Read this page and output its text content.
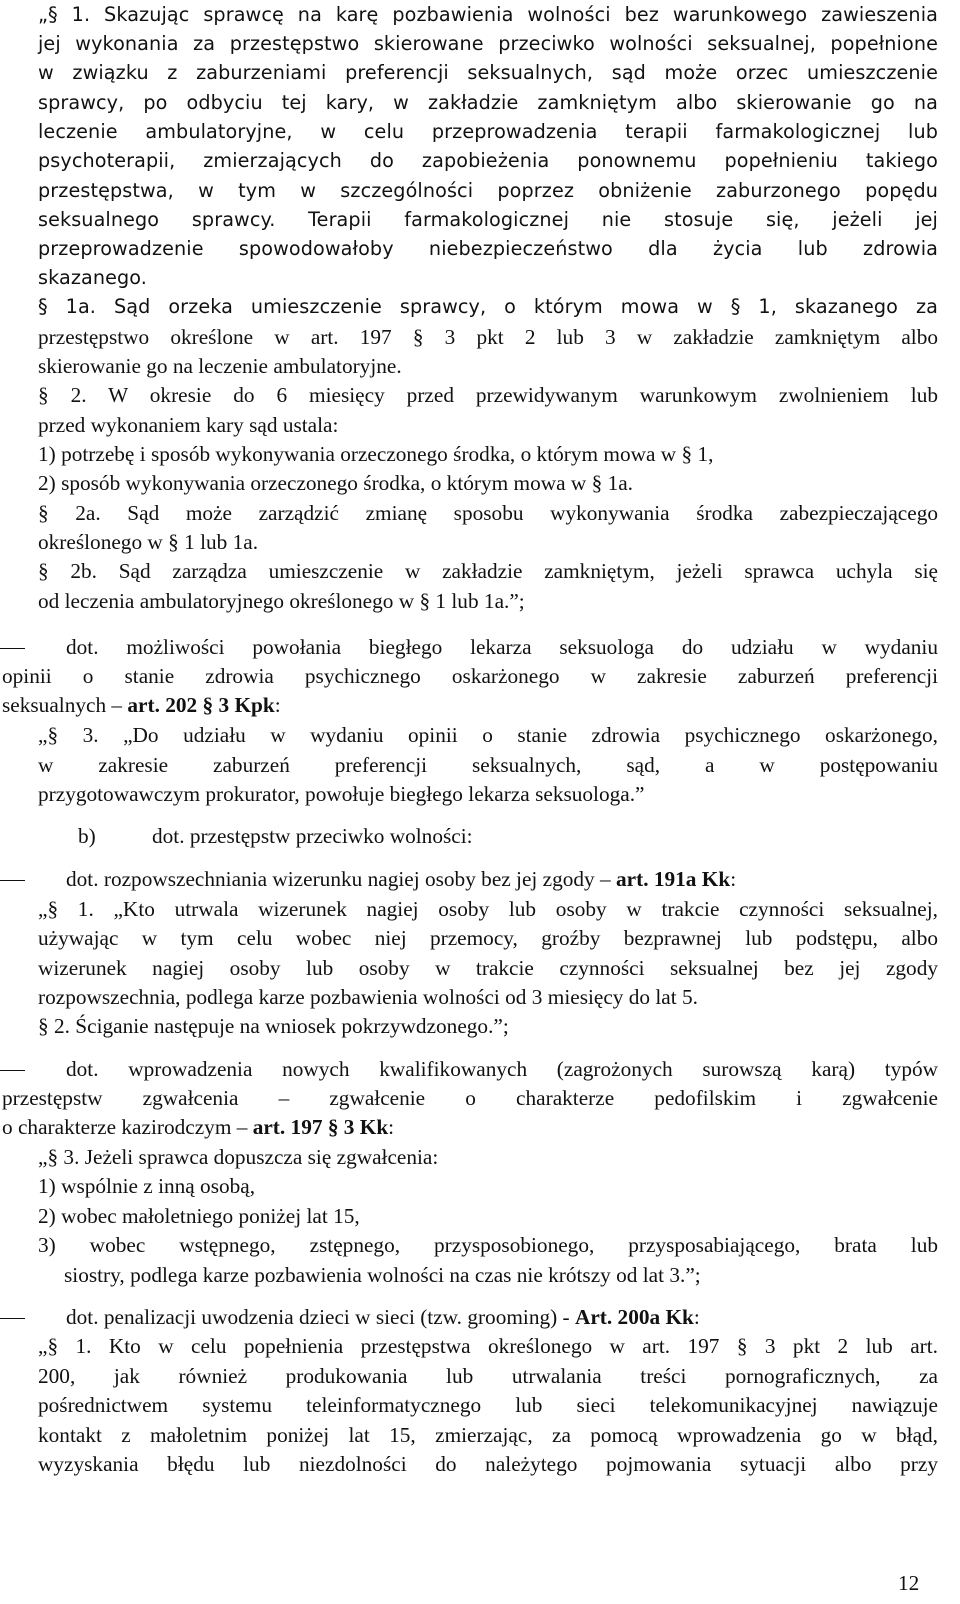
„§ 1. Skazując sprawcę na karę pozbawienia wolności bez warunkowego zawieszenia
jej wykonania za przestępstwo skierowane przeciwko wolności seksualnej, popełnione
w związku z zaburzeniami preferencji seksualnych, sąd może orzec umieszczenie
sprawcy, po odbyciu tej kary, w zakładzie zamkniętym albo skierowanie go na
leczenie ambulatoryjne, w celu przeprowadzenia terapii farmakologicznej lub
psychoterapii, zmierzających do zapobieżenia ponownemu popełnieniu takiego
przestępstwa, w tym w szczególności poprzez obniżenie zaburzonego popędu
seksualnego sprawcy. Terapii farmakologicznej nie stosuje się, jeżeli jej
przeprowadzenie spowodowałoby niebezpieczeństwo dla życia lub zdrowia
skazanego.
§ 1a. Sąd orzeka umieszczenie sprawcy, o którym mowa w § 1, skazanego za
przestępstwo określone w art. 197 § 3 pkt 2 lub 3 w zakładzie zamkniętym albo
skierowanie go na leczenie ambulatoryjne.
§ 2. W okresie do 6 miesięcy przed przewidywanym warunkowym zwolnieniem lub
przed wykonaniem kary sąd ustala:
1) potrzebę i sposób wykonywania orzeczonego środka, o którym mowa w § 1,
2) sposób wykonywania orzeczonego środka, o którym mowa w § 1a.
§ 2a. Sąd może zarządzić zmianę sposobu wykonywania środka zabezpieczającego
określonego w § 1 lub 1a.
§ 2b. Sąd zarządza umieszczenie w zakładzie zamkniętym, jeżeli sprawca uchyla się
od leczenia ambulatoryjnego określonego w § 1 lub 1a.”;
dot. możliwości powołania biegłego lekarza seksuologa do udziału w wydaniu
opinii o stanie zdrowia psychicznego oskarżonego w zakresie zaburzeń preferencji
seksualnych – art. 202 § 3 Kpk:
„§ 3. „Do udziału w wydaniu opinii o stanie zdrowia psychicznego oskarżonego,
w zakresie zaburzeń preferencji seksualnych, sąd, a w postępowaniu
przygotowawczym prokurator, powołuje biegłego lekarza seksuologa.”
b)	dot. przestępstw przeciwko wolności:
dot. rozpowszechniania wizerunku nagiej osoby bez jej zgody – art. 191a Kk:
„§ 1. „Kto utrwala wizerunek nagiej osoby lub osoby w trakcie czynności seksualnej,
używając w tym celu wobec niej przemocy, groźby bezprawnej lub podstępu, albo
wizerunek nagiej osoby lub osoby w trakcie czynności seksualnej bez jej zgody
rozpowszechnia, podlega karze pozbawienia wolności od 3 miesięcy do lat 5.
§ 2. Ściganie następuje na wniosek pokrzywdzonego.”;
dot. wprowadzenia nowych kwalifikowanych (zagrożonych surowszą karą) typów
przestępstw zgwałcenia – zgwałcenie o charakterze pedofilskim i zgwałcenie
o charakterze kazirodczym – art. 197 § 3 Kk:
„§ 3. Jeżeli sprawca dopuszcza się zgwałcenia:
1) wspólnie z inną osobą,
2) wobec małoletniego poniżej lat 15,
3) wobec wstępnego, zstępnego, przysposobionego, przysposabiającego, brata lub
siostry, podlega karze pozbawienia wolności na czas nie krótszy od lat 3.”;
dot. penalizacji uwodzenia dzieci w sieci (tzw. grooming) - Art. 200a Kk:
„§ 1. Kto w celu popełnienia przestępstwa określonego w art. 197 § 3 pkt 2 lub art.
200, jak również produkowania lub utrwalania treści pornograficznych, za
pośrednictwem systemu teleinformatycznego lub sieci telekomunikacyjnej nawiązuje
kontakt z małoletnim poniżej lat 15, zmierzając, za pomocą wprowadzenia go w błąd,
wyzyskania błędu lub niezdolności do należytego pojmowania sytuacji albo przy
12
